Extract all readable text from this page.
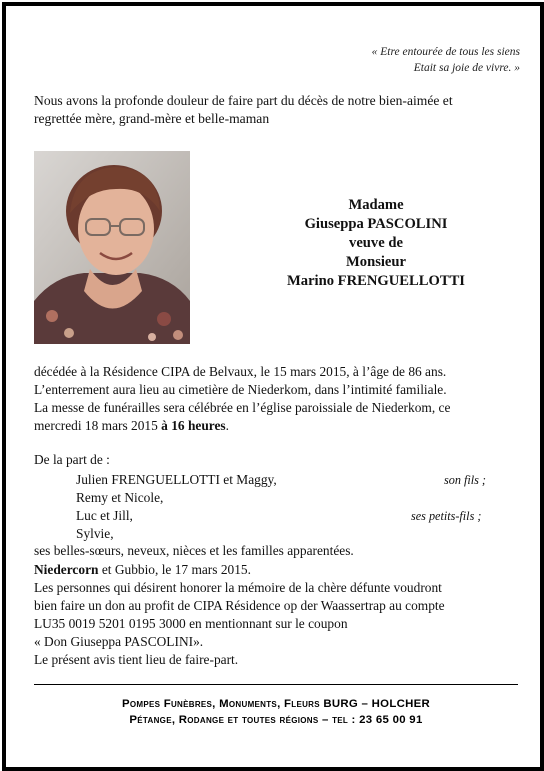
« Etre entourée de tous les siens
Etait sa joie de vivre. »
Nous avons la profonde douleur de faire part du décès de notre bien-aimée et
regrettée mère, grand-mère et belle-maman
Madame
Giuseppa PASCOLINI
veuve de
Monsieur
Marino FRENGUELLOTTI
décédée à la Résidence CIPA de Belvaux, le 15 mars 2015, à l’âge de 86 ans.
L’enterrement aura lieu au cimetière de Niederkom, dans l’intimité familiale.
La messe de funérailles sera célébrée en l’église paroissiale de Niederkom, ce
mercredi 18 mars 2015 à 16 heures.
De la part de :
Julien FRENGUELLOTTI et Maggy,	son fils ;
Remy et Nicole,
Luc et Jill,	ses petits-fils ;
Sylvie,
ses belles-sœurs, neveux, nièces et les familles apparentées.
Niedercorn et Gubbio, le 17 mars 2015.
Les personnes qui désirent honorer la mémoire de la chère défunte voudront
bien faire un don au profit de CIPA Résidence op der Waassertrap au compte
LU35 0019 5201 0195 3000 en mentionnant sur le coupon
« Don Giuseppa PASCOLINI».
Le présent avis tient lieu de faire-part.
Pompes Funèbres, Monuments, Fleurs BURG – HOLCHER
Pétange, Rodange et toutes régions – tel : 23 65 00 91
